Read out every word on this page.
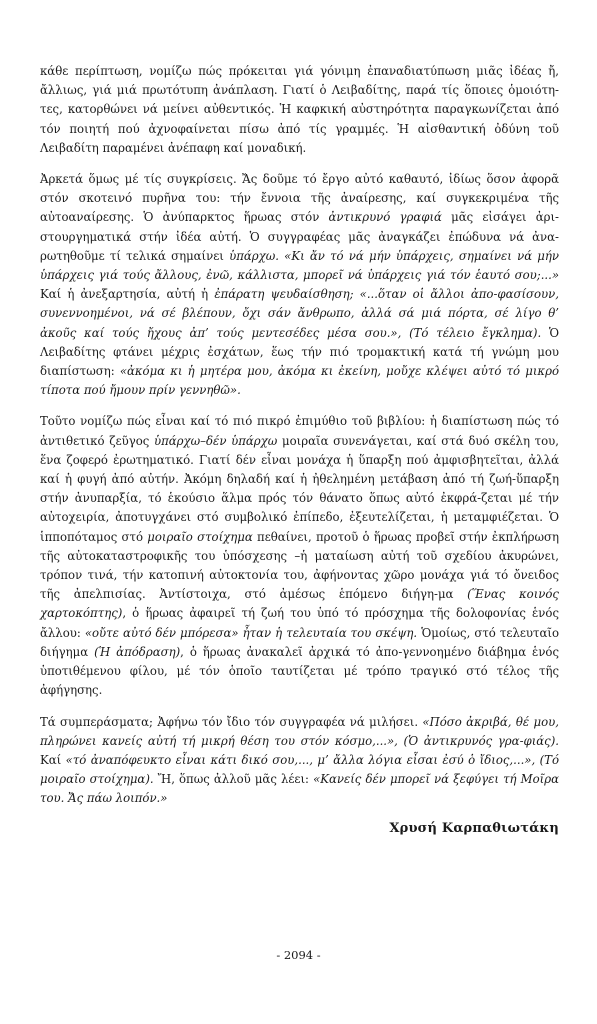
κάθε περίπτωση, νομίζω πώς πρόκειται γιά γόνιμη ἐπαναδιατύπωση μιᾶς ἰδέας ἤ, ἄλλιως, γιά μιά πρωτότυπη ἀνάπλαση. Γιατί ὁ Λειβαδίτης, παρά τίς ὅποιες ὁμοιότη-τες, κατορθώνει νά μείνει αὐθεντικός. Ἡ καφκική αὐστηρότητα παραγκωνίζεται ἀπό τόν ποιητή πού ἀχνοφαίνεται πίσω ἀπό τίς γραμμές. Ἡ αἰσθαντική ὀδύνη τοῦ Λειβαδίτη παραμένει ἀνέπαφη καί μοναδική.

Ἀρκετά ὅμως μέ τίς συγκρίσεις. Ἄς δοῦμε τό ἔργο αὐτό καθαυτό, ἰδίως ὅσον ἀφορᾶ στόν σκοτεινό πυρῆνα του: τήν ἔννοια τῆς ἀναίρεσης, καί συγκεκριμένα τῆς αὐτοαναίρεσης. Ὁ ἀνύπαρκτος ἥρωας στόν ἀντικρυνό γραφιά μᾶς εἰσάγει ἀρι-στουργηματικά στήν ἰδέα αὐτή. Ὁ συγγραφέας μᾶς ἀναγκάζει ἐπώδυνα νά ἀνα-ρωτηθοῦμε τί τελικά σημαίνει ὑπάρχω. «Κι ἄν τό νά μήν ὑπάρχεις, σημαίνει νά μήν ὑπάρχεις γιά τούς ἄλλους, ἐνῶ, κάλλιστα, μπορεῖ νά ὑπάρχεις γιά τόν ἑαυτό σου;...» Καί ἡ ἀνεξαρτησία, αὐτή ἡ ἐπάρατη ψευδαίσθηση; «...ὅταν οἱ ἄλλοι ἀπο-φασίσουν, συνεννοημένοι, νά σέ βλέπουν, ὄχι σάν ἄνθρωπο, ἀλλά σά μιά πόρτα, σέ λίγο θ’ ἀκοῦς καί τούς ἤχους ἀπ’ τούς μεντεσέδες μέσα σου.», (Τό τέλειο ἔγκλημα). Ὁ Λειβαδίτης φτάνει μέχρις ἐσχάτων, ἕως τήν πιό τρομακτική κατά τή γνώμη μου διαπίστωση: «ἀκόμα κι ἡ μητέρα μου, ἀκόμα κι ἐκείνη, μοὔχε κλέψει αὐτό τό μικρό τίποτα πού ἤμουν πρίν γεννηθῶ».

Τοῦτο νομίζω πώς εἶναι καί τό πιό πικρό ἐπιμύθιο τοῦ βιβλίου: ἡ διαπίστωση πώς τό ἀντιθετικό ζεῦγος ὑπάρχω–δέν ὑπάρχω μοιραῖα συνενάγεται, καί στά δυό σκέλη του, ἕνα ζοφερό ἐρωτηματικό. Γιατί δέν εἶναι μονάχα ἡ ὕπαρξη πού ἀμφισβητεῖται, ἀλλά καί ἡ φυγή ἀπό αὐτήν. Ἀκόμη δηλαδή καί ἡ ἠθελημένη μετάβαση ἀπό τή ζωή-ὕπαρξη στήν ἀνυπαρξία, τό ἑκούσιο ἅλμα πρός τόν θάνατο ὅπως αὐτό ἐκφρά-ζεται μέ τήν αὐτοχειρία, ἀποτυγχάνει στό συμβολικό ἐπίπεδο, ἐξευτελίζεται, ἡ μεταμφιέζεται. Ὁ ἱπποπόταμος στό μοιραῖο στοίχημα πεθαίνει, προτοῦ ὁ ἥρωας προβεῖ στήν ἐκπλήρωση τῆς αὐτοκαταστροφικῆς του ὑπόσχεσης –ἡ ματαίωση αὐτή τοῦ σχεδίου ἀκυρώνει, τρόπον τινά, τήν κατοπινή αὐτοκτονία του, ἀφήνοντας χῶρο μονάχα γιά τό ὄνειδος τῆς ἀπελπισίας. Ἀντίστοιχα, στό ἀμέσως ἑπόμενο διήγη-μα (Ἕνας κοινός χαρτοκόπτης), ὁ ἥρωας ἀφαιρεῖ τή ζωή του ὑπό τό πρόσχημα τῆς δολοφονίας ἑνός ἄλλου: «οὔτε αὐτό δέν μπόρεσα» ἦταν ἡ τελευταία του σκέψη. Ὁμοίως, στό τελευταῖο διήγημα (Ἡ ἀπόδραση), ὁ ἥρωας ἀνακαλεῖ ἀρχικά τό ἀπο-γεννοημένο διάβημα ἑνός ὑποτιθέμενου φίλου, μέ τόν ὁποῖο ταυτίζεται μέ τρόπο τραγικό στό τέλος τῆς ἀφήγησης.

Τά συμπεράσματα; Ἀφήνω τόν ἴδιο τόν συγγραφέα νά μιλήσει. «Πόσο ἀκριβά, θέ μου, πληρώνει κανείς αὐτή τή μικρή θέση του στόν κόσμο,...», (Ὁ ἀντικρυνός γρα-φιάς). Καί «τό ἀναπόφευκτο εἶναι κάτι δικό σου,..., μ’ ἄλλα λόγια εἶσαι ἐσύ ὁ ἴδιος,...», (Τό μοιραῖο στοίχημα). Ἤ, ὅπως ἀλλοῦ μᾶς λέει: «Κανείς δέν μπορεῖ νά ξεφύγει τή Μοῖρα του. Ἄς πάω λοιπόν.»

Χρυσή Καρπαθιωτάκη

- 2094 -
